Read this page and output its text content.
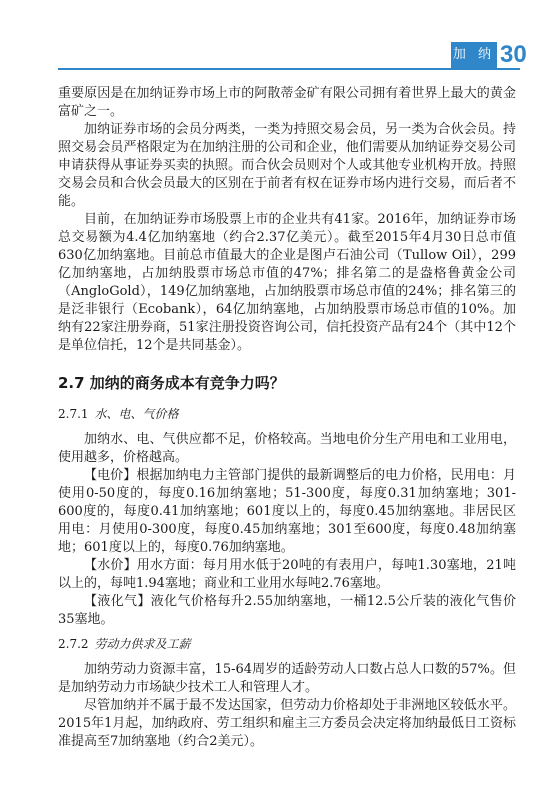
加 纳 30

重要原因是在加纳证券市场上市的阿散蒂金矿有限公司拥有着世界上最大的黄金富矿之一。

加纳证券市场的会员分两类，一类为持照交易会员，另一类为合伙会员。持照交易会员严格限定为在加纳注册的公司和企业，他们需要从加纳证券交易公司申请获得从事证券买卖的执照。而合伙会员则对个人或其他专业机构开放。持照交易会员和合伙会员最大的区别在于前者有权在证券市场内进行交易，而后者不能。

目前，在加纳证券市场股票上市的企业共有41家。2016年，加纳证券市场总交易额为4.4亿加纳塞地（约合2.37亿美元）。截至2015年4月30日总市值630亿加纳塞地。目前总市值最大的企业是图卢石油公司（Tullow Oil），299亿加纳塞地，占加纳股票市场总市值的47%；排名第二的是盎格鲁黄金公司（AngloGold），149亿加纳塞地，占加纳股票市场总市值的24%；排名第三的是泛非银行（Ecobank），64亿加纳塞地，占加纳股票市场总市值的10%。加纳有22家注册券商，51家注册投资咨询公司，信托投资产品有24个（其中12个是单位信托，12个是共同基金）。

2.7 加纳的商务成本有竞争力吗？
2.7.1 水、电、气价格

加纳水、电、气供应都不足，价格较高。当地电价分生产用电和工业用电，使用越多，价格越高。

【电价】根据加纳电力主管部门提供的最新调整后的电力价格，民用电：月使用0-50度的，每度0.16加纳塞地；51-300度，每度0.31加纳塞地；301-600度的，每度0.41加纳塞地；601度以上的，每度0.45加纳塞地。非居民区用电：月使用0-300度，每度0.45加纳塞地；301至600度，每度0.48加纳塞地；601度以上的，每度0.76加纳塞地。

【水价】用水方面：每月用水低于20吨的有表用户，每吨1.30塞地，21吨以上的，每吨1.94塞地；商业和工业用水每吨2.76塞地。

【液化气】液化气价格每升2.55加纳塞地，一桶12.5公斤装的液化气售价35塞地。

2.7.2 劳动力供求及工薪

加纳劳动力资源丰富，15-64周岁的适龄劳动人口数占总人口数的57%。但是加纳劳动力市场缺少技术工人和管理人才。

尽管加纳并不属于最不发达国家，但劳动力价格却处于非洲地区较低水平。2015年1月起，加纳政府、劳工组织和雇主三方委员会决定将加纳最低日工资标准提高至7加纳塞地（约合2美元）。
